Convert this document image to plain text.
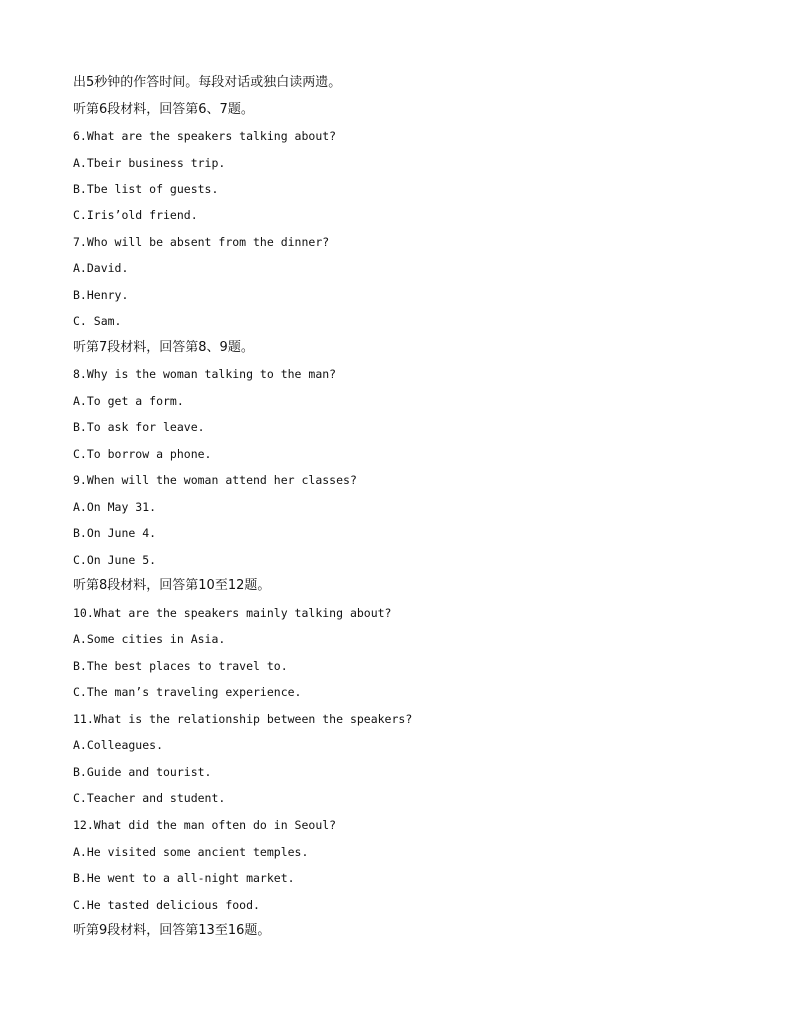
出5秒钟的作答时间。每段对话或独白读两遗。
听第6段材料，回答第6、7题。
6.What are the speakers talking about?
A.Tbeir business trip.
B.Tbe list of guests.
C.Iris’old friend.
7.Who will be absent from the dinner?
A.David.
B.Henry.
C. Sam.
听第7段材料，回答第8、9题。
8.Why is the woman talking to the man?
A.To get a form.
B.To ask for leave.
C.To borrow a phone.
9.When will the woman attend her classes?
A.On May 31.
B.On June 4.
C.On June 5.
听第8段材料，回答第10至12题。
10.What are the speakers mainly talking about?
A.Some cities in Asia.
B.The best places to travel to.
C.The man’s traveling experience.
11.What is the relationship between the speakers?
A.Colleagues.
B.Guide and tourist.
C.Teacher and student.
12.What did the man often do in Seoul?
A.He visited some ancient temples.
B.He went to a all-night market.
C.He tasted delicious food.
听第9段材料，回答第13至16题。
